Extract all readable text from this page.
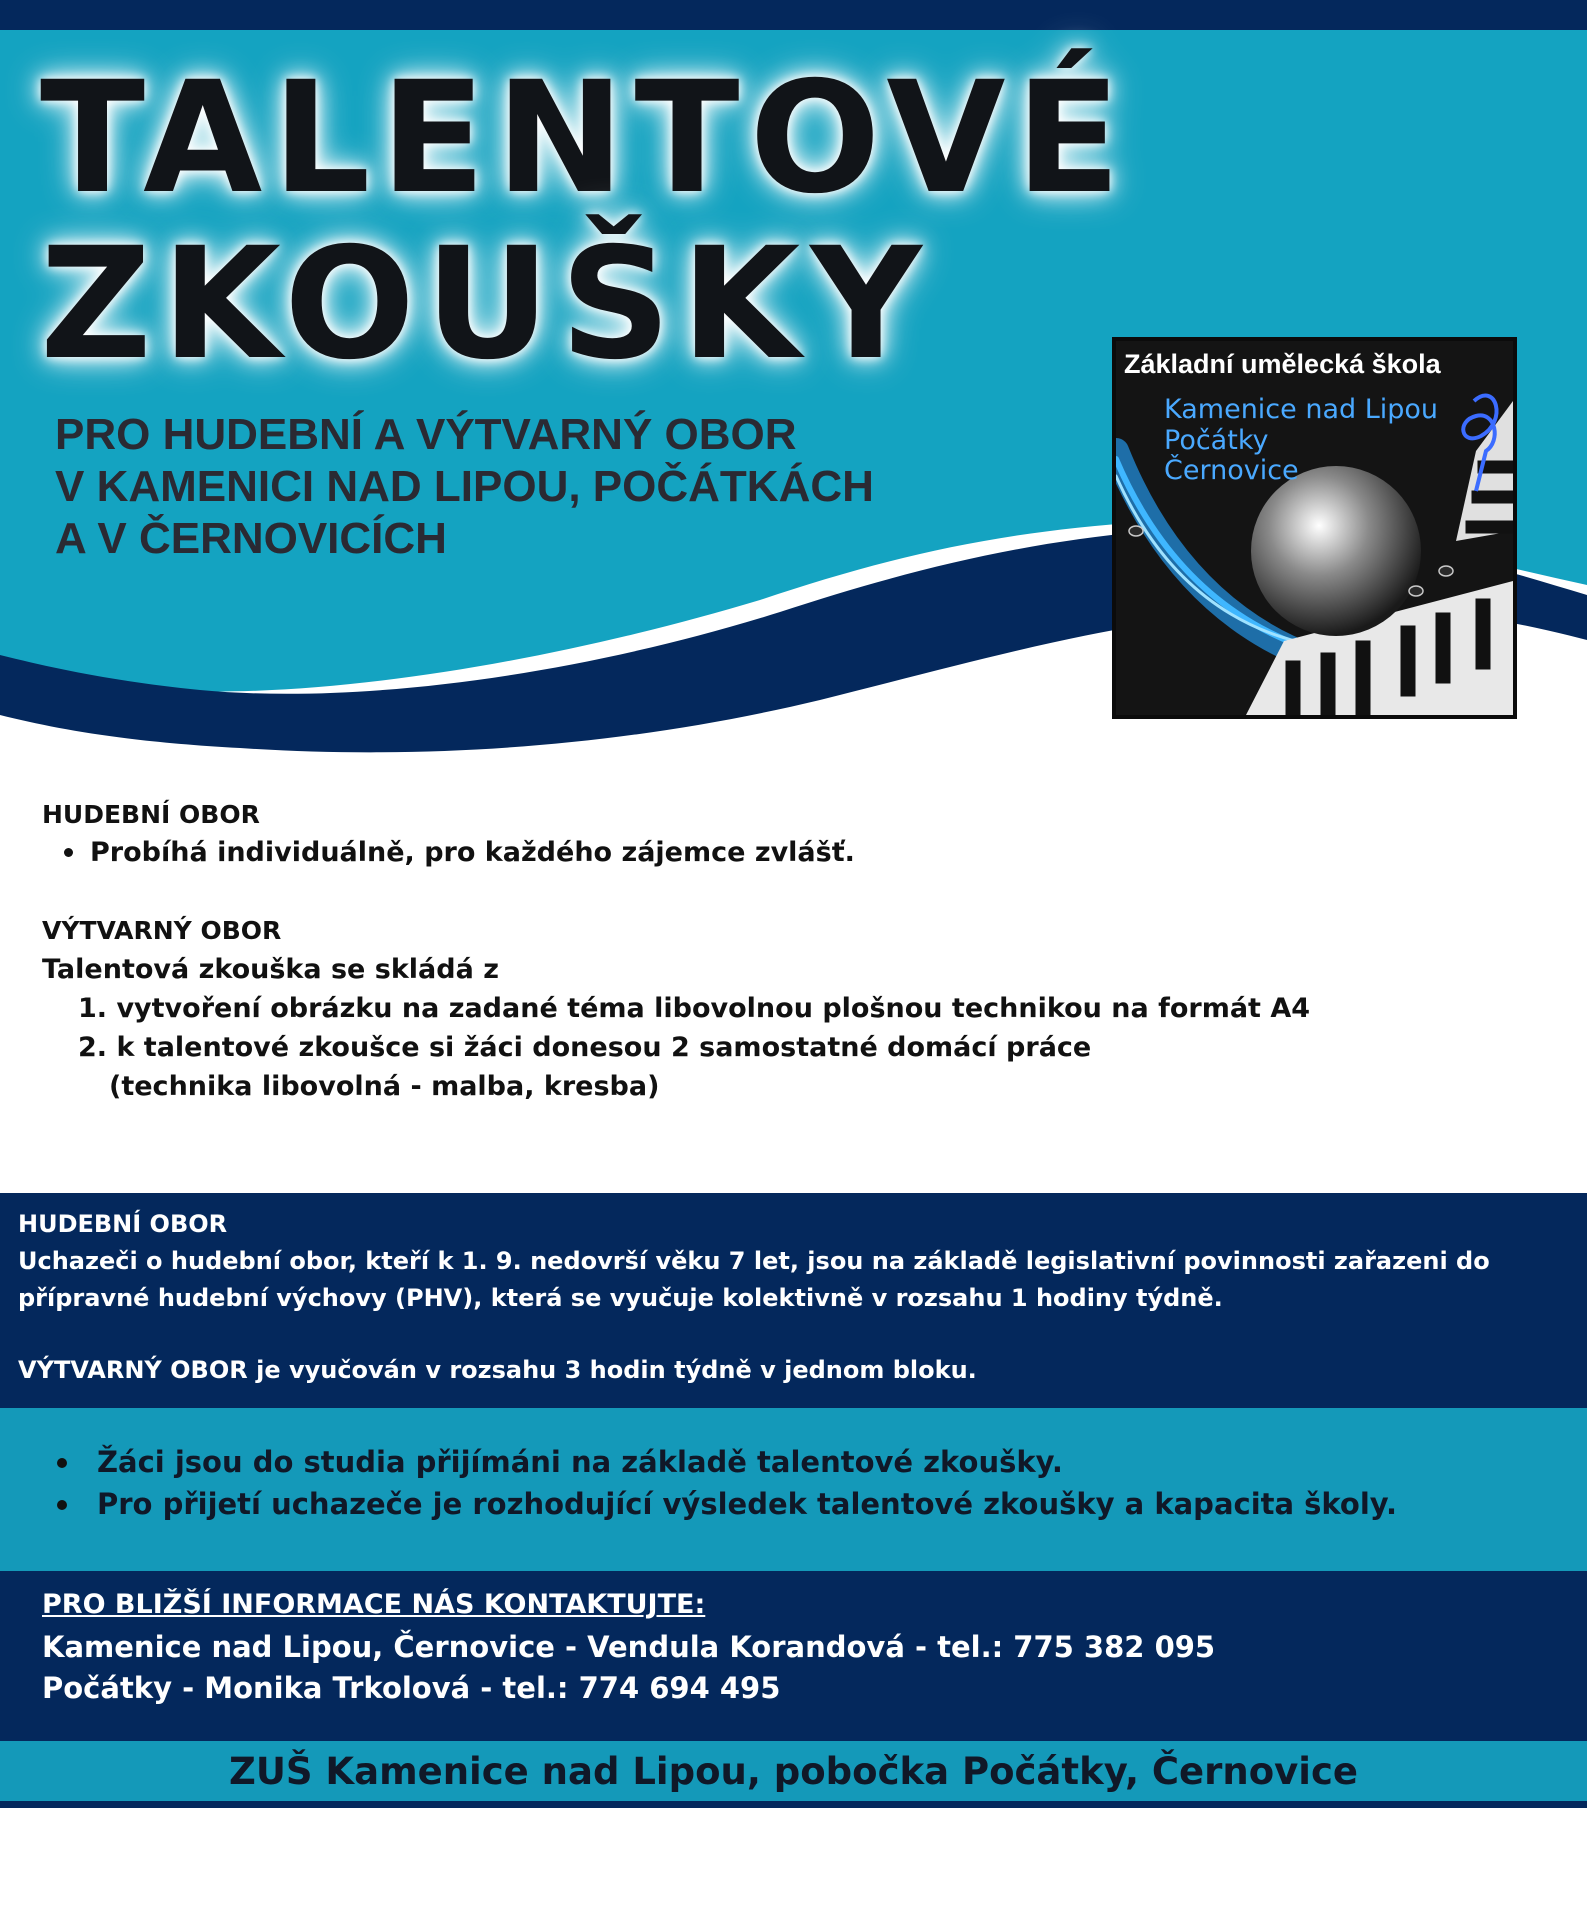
TALENTOVÉ
ZKOUŠKY
PRO HUDEBNÍ A VÝTVARNÝ OBOR
V KAMENICI NAD LIPOU, POČÁTKÁCH
A V ČERNOVICÍCH
Základní umělecká škola
Kamenice nad Lipou
Počátky
Černovice
HUDEBNÍ OBOR
Probíhá individuálně, pro každého zájemce zvlášť.
VÝTVARNÝ OBOR
Talentová zkouška se skládá z
1. vytvoření obrázku na zadané téma libovolnou plošnou technikou na formát A4
2. k talentové zkoušce si žáci donesou 2 samostatné domácí práce
(technika libovolná - malba, kresba)
HUDEBNÍ OBOR
Uchazeči o hudební obor, kteří k 1. 9. nedovrší věku 7 let, jsou na základě legislativní povinnosti zařazeni do
přípravné hudební výchovy (PHV), která se vyučuje kolektivně v rozsahu 1 hodiny týdně.
VÝTVARNÝ OBOR je vyučován v rozsahu 3 hodin týdně v jednom bloku.
Žáci jsou do studia přijímáni na základě talentové zkoušky.
Pro přijetí uchazeče je rozhodující výsledek talentové zkoušky a kapacita školy.
PRO BLIŽŠÍ INFORMACE NÁS KONTAKTUJTE:
Kamenice nad Lipou, Černovice - Vendula Korandová - tel.: 775 382 095
Počátky - Monika Trkolová - tel.: 774 694 495
ZUŠ Kamenice nad Lipou, pobočka Počátky, Černovice
